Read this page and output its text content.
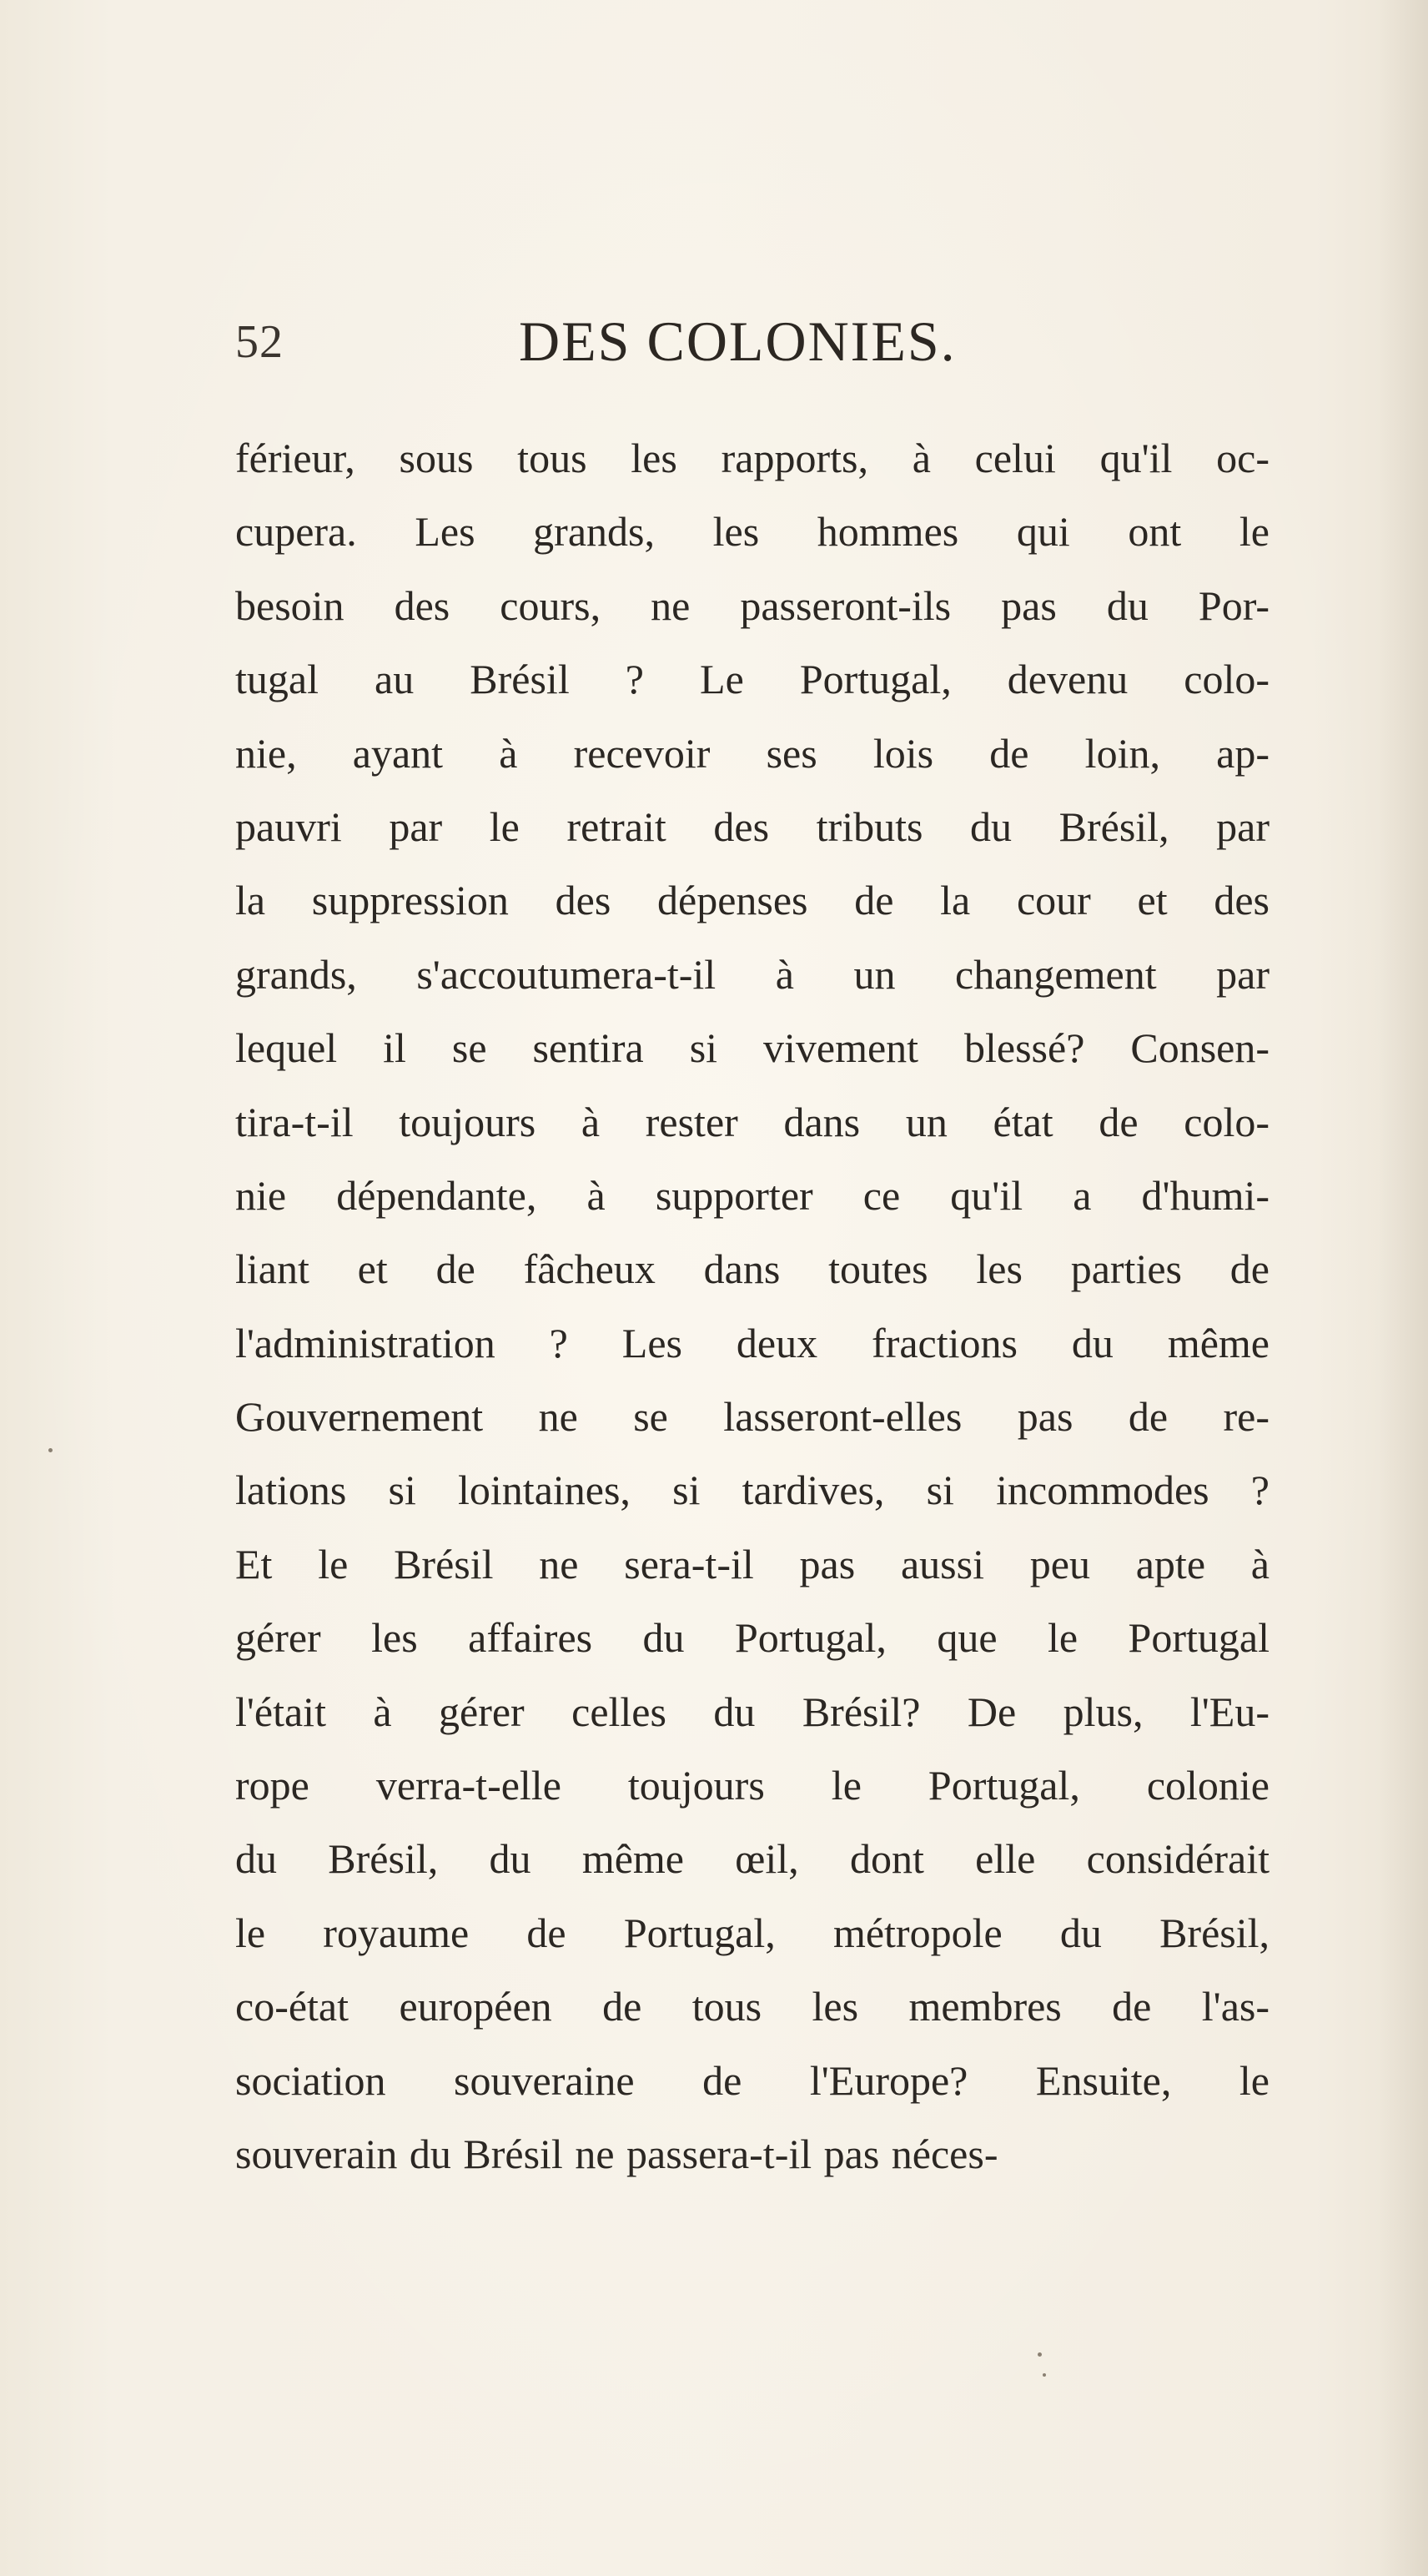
52	DES COLONIES.
férieur, sous tous les rapports, à celui qu'il oc-
cupera. Les grands, les hommes qui ont le
besoin des cours, ne passeront-ils pas du Por-
tugal au Brésil ? Le Portugal, devenu colo-
nie, ayant à recevoir ses lois de loin, ap-
pauvri par le retrait des tributs du Brésil, par
la suppression des dépenses de la cour et des
grands, s'accoutumera-t-il à un changement par
lequel il se sentira si vivement blessé? Consen-
tira-t-il toujours à rester dans un état de colo-
nie dépendante, à supporter ce qu'il a d'humi-
liant et de fâcheux dans toutes les parties de
l'administration ? Les deux fractions du même
Gouvernement ne se lasseront-elles pas de re-
lations si lointaines, si tardives, si incommodes ?
Et le Brésil ne sera-t-il pas aussi peu apte à
gérer les affaires du Portugal, que le Portugal
l'était à gérer celles du Brésil? De plus, l'Eu-
rope verra-t-elle toujours le Portugal, colonie
du Brésil, du même œil, dont elle considérait
le royaume de Portugal, métropole du Brésil,
co-état européen de tous les membres de l'as-
sociation souveraine de l'Europe? Ensuite, le
souverain du Brésil ne passera-t-il pas néces-
